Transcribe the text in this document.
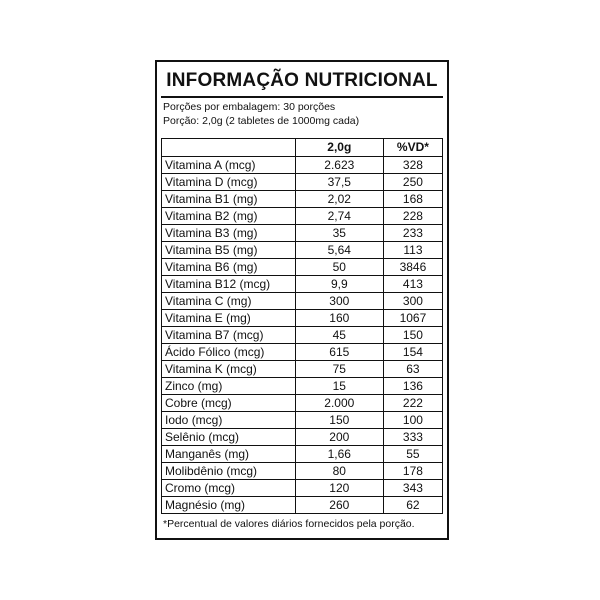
INFORMAÇÃO NUTRICIONAL
Porções por embalagem: 30 porções
Porção: 2,0g (2 tabletes de 1000mg cada)
	2,0g	%VD*
Vitamina A (mcg)	2.623	328
Vitamina D (mcg)	37,5	250
Vitamina B1 (mg)	2,02	168
Vitamina B2 (mg)	2,74	228
Vitamina B3 (mg)	35	233
Vitamina B5 (mg)	5,64	113
Vitamina B6 (mg)	50	3846
Vitamina B12 (mcg)	9,9	413
Vitamina C (mg)	300	300
Vitamina E (mg)	160	1067
Vitamina B7 (mcg)	45	150
Ácido Fólico (mcg)	615	154
Vitamina K (mcg)	75	63
Zinco (mg)	15	136
Cobre (mcg)	2.000	222
Iodo (mcg)	150	100
Selênio (mcg)	200	333
Manganês (mg)	1,66	55
Molibdênio (mcg)	80	178
Cromo (mcg)	120	343
Magnésio (mg)	260	62
*Percentual de valores diários fornecidos pela porção.
